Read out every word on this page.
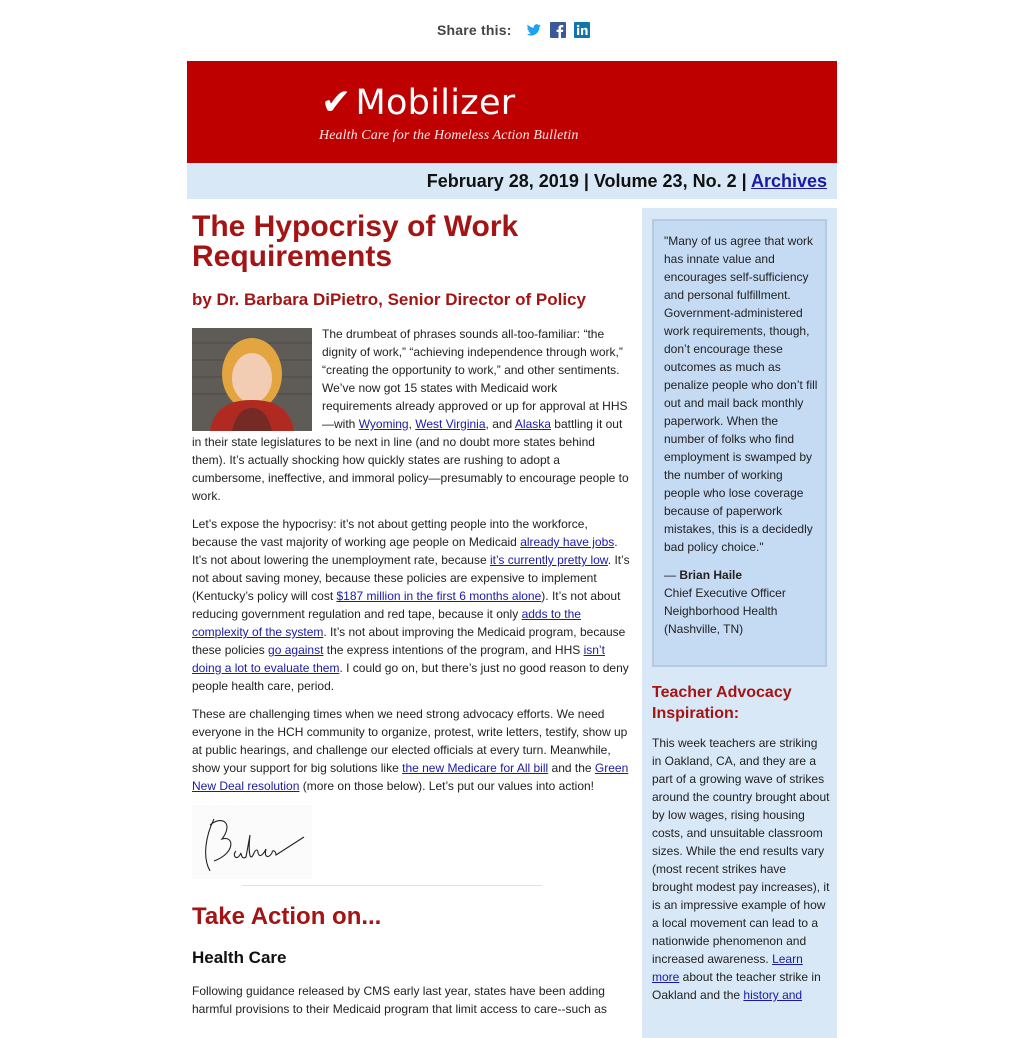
Share this:
✔ Mobilizer
Health Care for the Homeless Action Bulletin
February 28, 2019 | Volume 23, No. 2 | Archives
The Hypocrisy of Work Requirements
by Dr. Barbara DiPietro, Senior Director of Policy
The drumbeat of phrases sounds all-too-familiar: “the dignity of work,” “achieving independence through work,” “creating the opportunity to work,” and other sentiments. We’ve now got 15 states with Medicaid work requirements already approved or up for approval at HHS—with Wyoming, West Virginia, and Alaska battling it out in their state legislatures to be next in line (and no doubt more states behind them). It’s actually shocking how quickly states are rushing to adopt a cumbersome, ineffective, and immoral policy—presumably to encourage people to work.
Let’s expose the hypocrisy: it’s not about getting people into the workforce, because the vast majority of working age people on Medicaid already have jobs. It’s not about lowering the unemployment rate, because it’s currently pretty low. It’s not about saving money, because these policies are expensive to implement (Kentucky’s policy will cost $187 million in the first 6 months alone). It’s not about reducing government regulation and red tape, because it only adds to the complexity of the system. It’s not about improving the Medicaid program, because these policies go against the express intentions of the program, and HHS isn’t doing a lot to evaluate them. I could go on, but there’s just no good reason to deny people health care, period.
These are challenging times when we need strong advocacy efforts. We need everyone in the HCH community to organize, protest, write letters, testify, show up at public hearings, and challenge our elected officials at every turn. Meanwhile, show your support for big solutions like the new Medicare for All bill and the Green New Deal resolution (more on those below). Let’s put our values into action!
Take Action on...
Health Care
Following guidance released by CMS early last year, states have been adding harmful provisions to their Medicaid program that limit access to care--such as
"Many of us agree that work has innate value and encourages self-sufficiency and personal fulfillment. Government-administered work requirements, though, don’t encourage these outcomes as much as penalize people who don’t fill out and mail back monthly paperwork. When the number of folks who find employment is swamped by the number of working people who lose coverage because of paperwork mistakes, this is a decidedly bad policy choice."
— Brian Haile
Chief Executive Officer
Neighborhood Health
(Nashville, TN)
Teacher Advocacy Inspiration:
This week teachers are striking in Oakland, CA, and they are a part of a growing wave of strikes around the country brought about by low wages, rising housing costs, and unsuitable classroom sizes. While the end results vary (most recent strikes have brought modest pay increases), it is an impressive example of how a local movement can lead to a nationwide phenomenon and increased awareness. Learn more about the teacher strike in Oakland and the history and
